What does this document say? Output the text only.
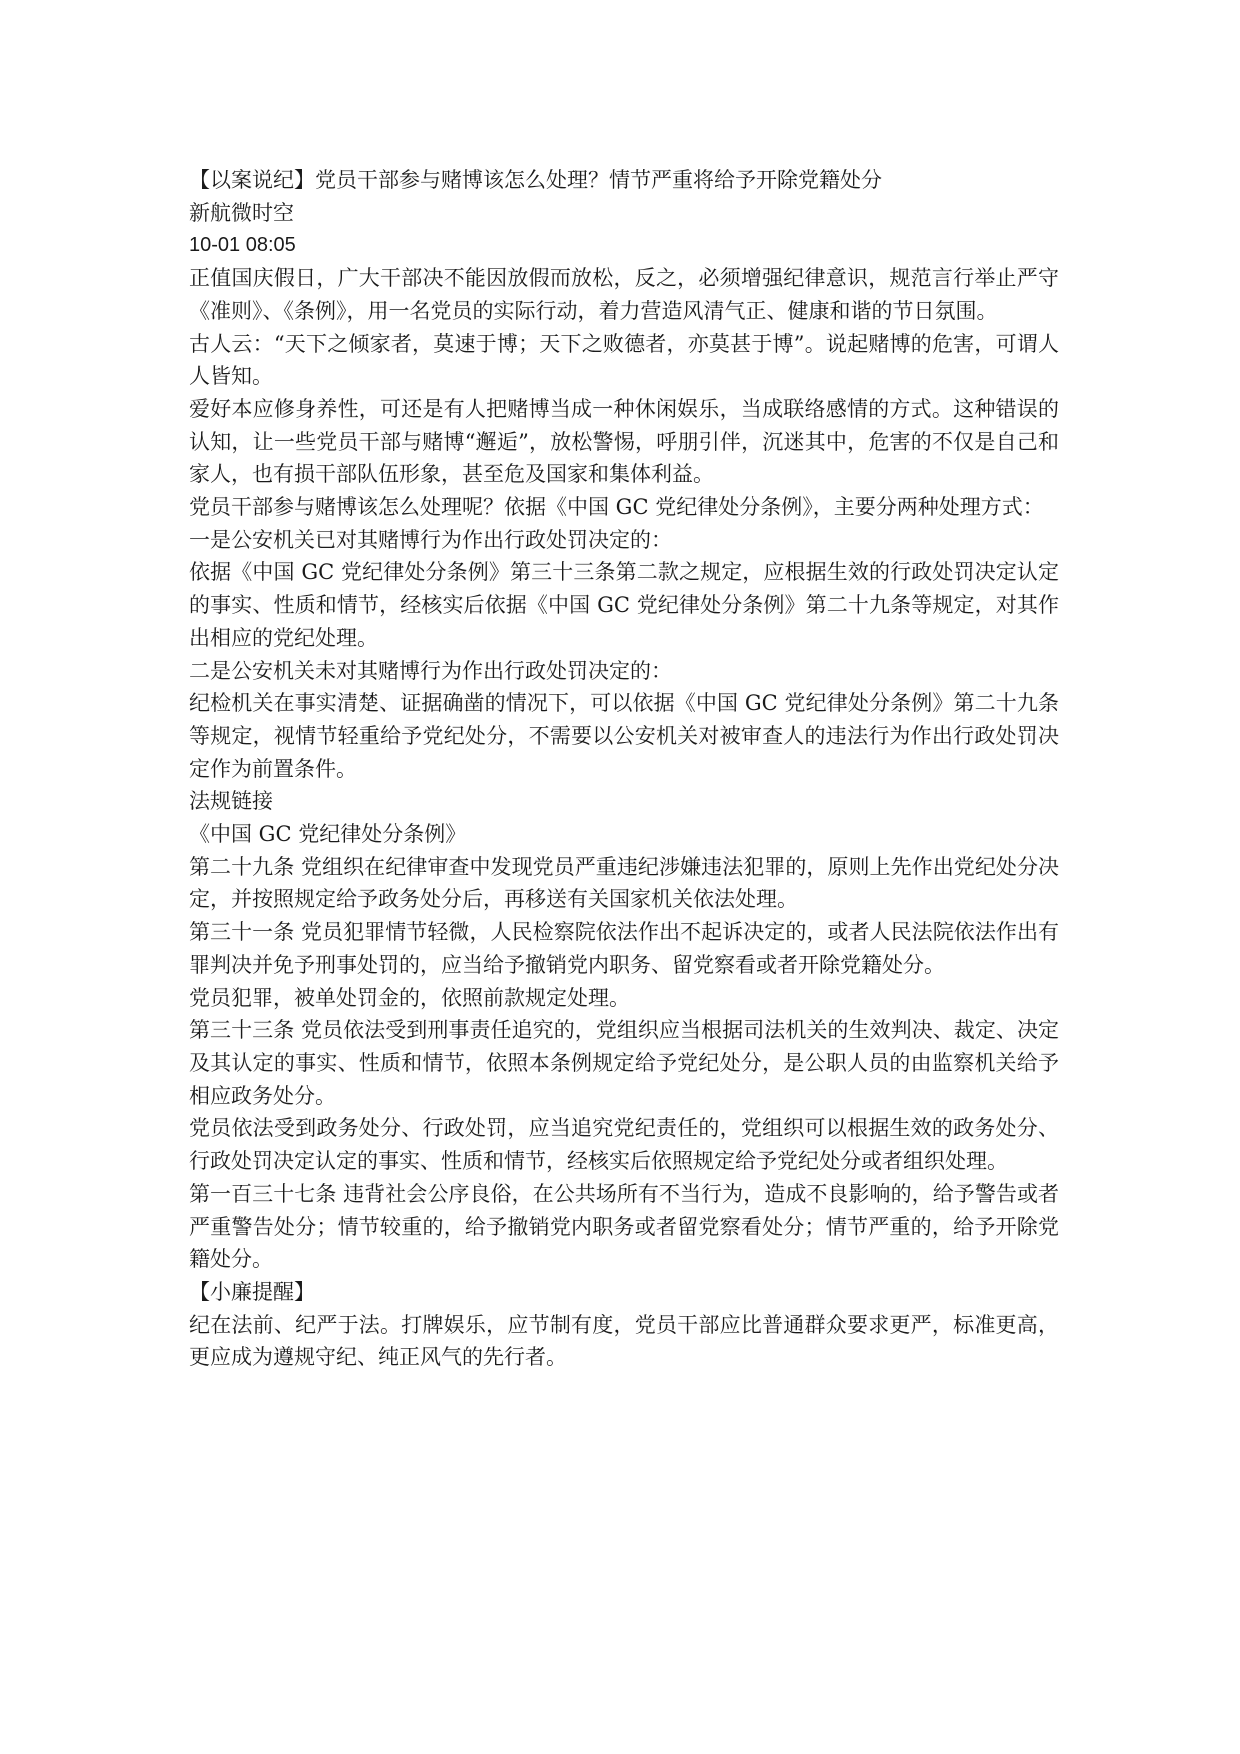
【以案说纪】党员干部参与赌博该怎么处理？情节严重将给予开除党籍处分

新航微时空

10-01 08:05

正值国庆假日，广大干部决不能因放假而放松，反之，必须增强纪律意识，规范言行举止严守《准则》、《条例》，用一名党员的实际行动，着力营造风清气正、健康和谐的节日氛围。

古人云：“天下之倾家者，莫速于博；天下之败德者，亦莫甚于博”。说起赌博的危害，可谓人人皆知。

爱好本应修身养性，可还是有人把赌博当成一种休闲娱乐，当成联络感情的方式。这种错误的认知，让一些党员干部与赌博“邂逅”，放松警惕，呼朋引伴，沉迷其中，危害的不仅是自己和家人，也有损干部队伍形象，甚至危及国家和集体利益。

党员干部参与赌博该怎么处理呢？依据《中国 GC 党纪律处分条例》，主要分两种处理方式：

一是公安机关已对其赌博行为作出行政处罚决定的：

依据《中国 GC 党纪律处分条例》第三十三条第二款之规定，应根据生效的行政处罚决定认定的事实、性质和情节，经核实后依据《中国 GC 党纪律处分条例》第二十九条等规定，对其作出相应的党纪处理。

二是公安机关未对其赌博行为作出行政处罚决定的：

纪检机关在事实清楚、证据确凿的情况下，可以依据《中国 GC 党纪律处分条例》第二十九条等规定，视情节轻重给予党纪处分，不需要以公安机关对被审查人的违法行为作出行政处罚决定作为前置条件。

法规链接

《中国 GC 党纪律处分条例》

第二十九条 党组织在纪律审查中发现党员严重违纪涉嫌违法犯罪的，原则上先作出党纪处分决定，并按照规定给予政务处分后，再移送有关国家机关依法处理。

第三十一条 党员犯罪情节轻微，人民检察院依法作出不起诉决定的，或者人民法院依法作出有罪判决并免予刑事处罚的，应当给予撤销党内职务、留党察看或者开除党籍处分。

党员犯罪，被单处罚金的，依照前款规定处理。

第三十三条 党员依法受到刑事责任追究的，党组织应当根据司法机关的生效判决、裁定、决定及其认定的事实、性质和情节，依照本条例规定给予党纪处分，是公职人员的由监察机关给予相应政务处分。

党员依法受到政务处分、行政处罚，应当追究党纪责任的，党组织可以根据生效的政务处分、行政处罚决定认定的事实、性质和情节，经核实后依照规定给予党纪处分或者组织处理。

第一百三十七条 违背社会公序良俗，在公共场所有不当行为，造成不良影响的，给予警告或者严重警告处分；情节较重的，给予撤销党内职务或者留党察看处分；情节严重的，给予开除党籍处分。

【小廉提醒】

纪在法前、纪严于法。打牌娱乐，应节制有度，党员干部应比普通群众要求更严，标准更高，更应成为遵规守纪、纯正风气的先行者。
